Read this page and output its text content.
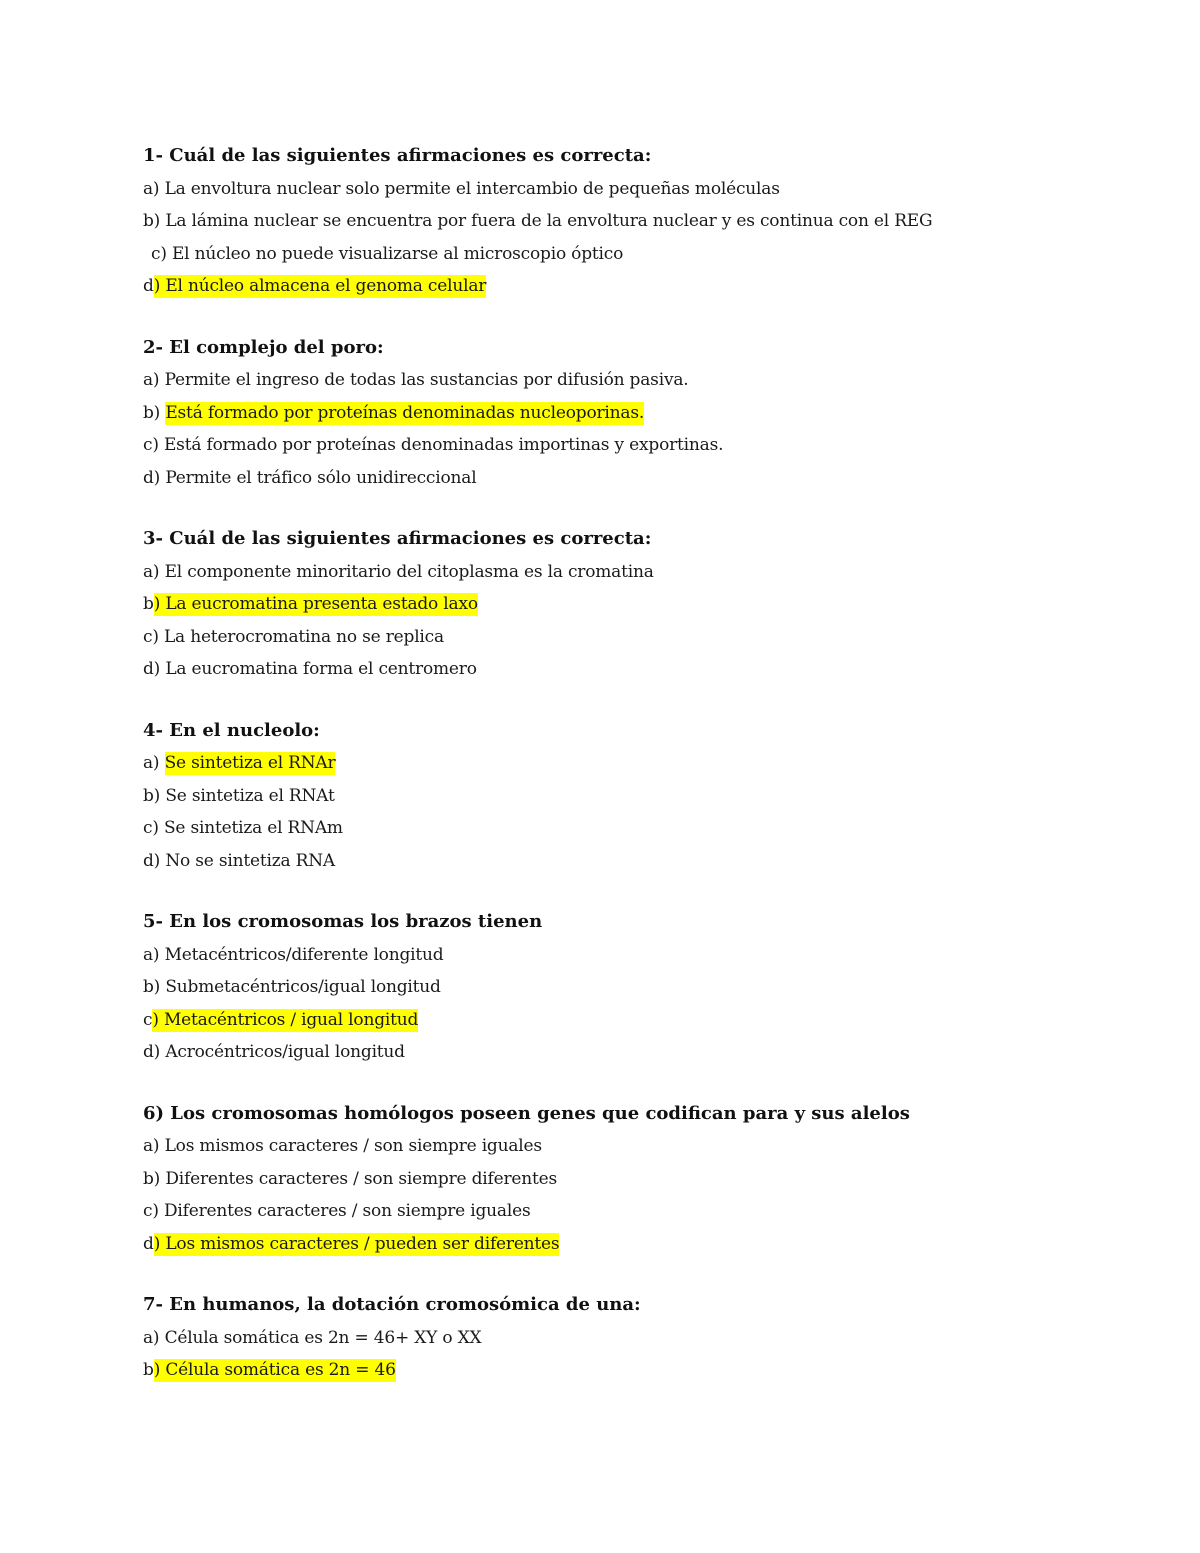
1- Cuál de las siguientes afirmaciones es correcta:
a) La envoltura nuclear solo permite el intercambio de pequeñas moléculas
b) La lámina nuclear se encuentra por fuera de la envoltura nuclear y es continua con el REG
c) El núcleo no puede visualizarse al microscopio óptico
d) El núcleo almacena el genoma celular
2- El complejo del poro:
a) Permite el ingreso de todas las sustancias por difusión pasiva.
b) Está formado por proteínas denominadas nucleoporinas.
c) Está formado por proteínas denominadas importinas y exportinas.
d) Permite el tráfico sólo unidireccional
3- Cuál de las siguientes afirmaciones es correcta:
a) El componente minoritario del citoplasma es la cromatina
b) La eucromatina presenta estado laxo
c) La heterocromatina no se replica
d) La eucromatina forma el centromero
4- En el nucleolo:
a) Se sintetiza el RNAr
b) Se sintetiza el RNAt
c) Se sintetiza el RNAm
d) No se sintetiza RNA
5- En los cromosomas los brazos tienen
a) Metacéntricos/diferente longitud
b) Submetacéntricos/igual longitud
c) Metacéntricos / igual longitud
d) Acrocéntricos/igual longitud
6) Los cromosomas homólogos poseen genes que codifican para y sus alelos
a) Los mismos caracteres / son siempre iguales
b) Diferentes caracteres / son siempre diferentes
c) Diferentes caracteres / son siempre iguales
d) Los mismos caracteres / pueden ser diferentes
7- En humanos, la dotación cromosómica de una:
a) Célula somática es 2n = 46+ XY o XX
b) Célula somática es 2n = 46
